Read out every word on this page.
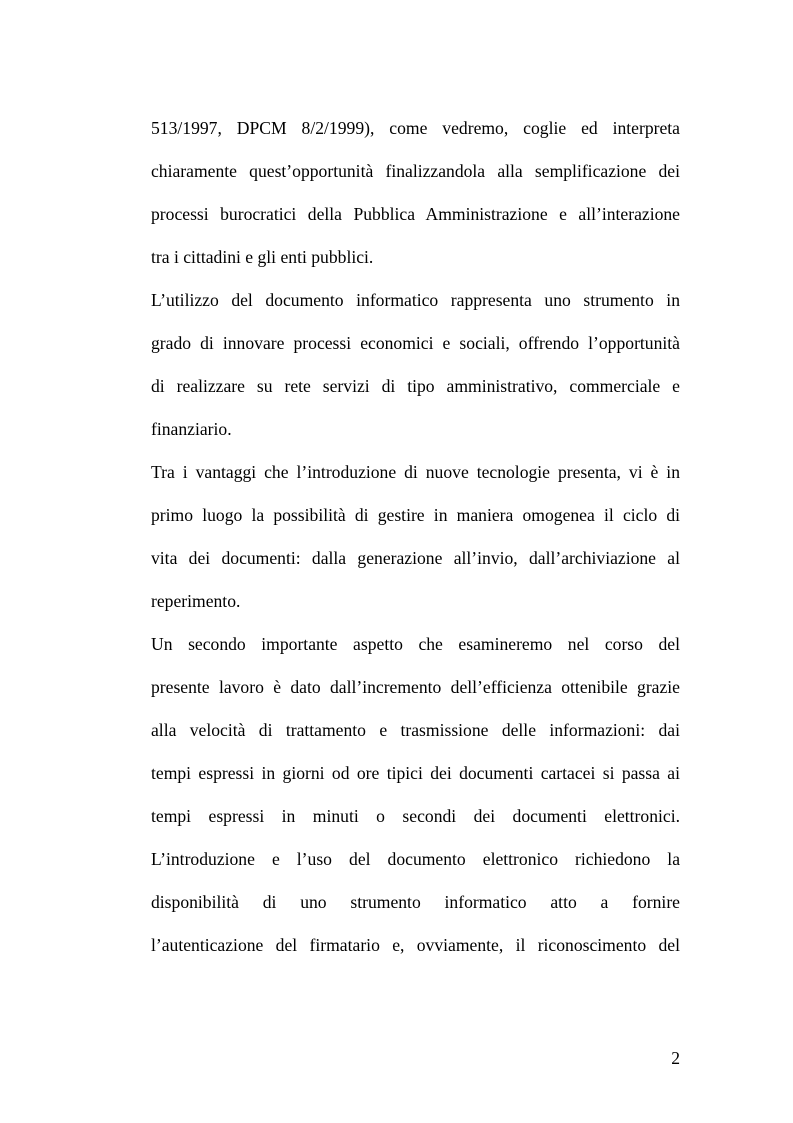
513/1997, DPCM 8/2/1999), come vedremo, coglie ed interpreta
chiaramente quest’opportunità finalizzandola alla semplificazione dei
processi burocratici della Pubblica Amministrazione e all’interazione
tra i cittadini e gli enti pubblici.
L’utilizzo del documento informatico rappresenta uno strumento in
grado di innovare processi economici e sociali, offrendo l’opportunità
di realizzare su rete servizi di tipo amministrativo, commerciale e
finanziario.
Tra i vantaggi che l’introduzione di nuove tecnologie presenta, vi è in
primo luogo la possibilità di gestire in maniera omogenea il ciclo di
vita dei documenti: dalla generazione all’invio, dall’archiviazione al
reperimento.
Un secondo importante aspetto che esamineremo nel corso del
presente lavoro è dato dall’incremento dell’efficienza ottenibile grazie
alla velocità di trattamento e trasmissione delle informazioni: dai
tempi espressi in giorni od ore tipici dei documenti cartacei si passa ai
tempi espressi in minuti o secondi dei documenti elettronici.
L’introduzione e l’uso del documento elettronico richiedono la
disponibilità di uno strumento informatico atto a fornire
l’autenticazione del firmatario e, ovviamente, il riconoscimento del
2
